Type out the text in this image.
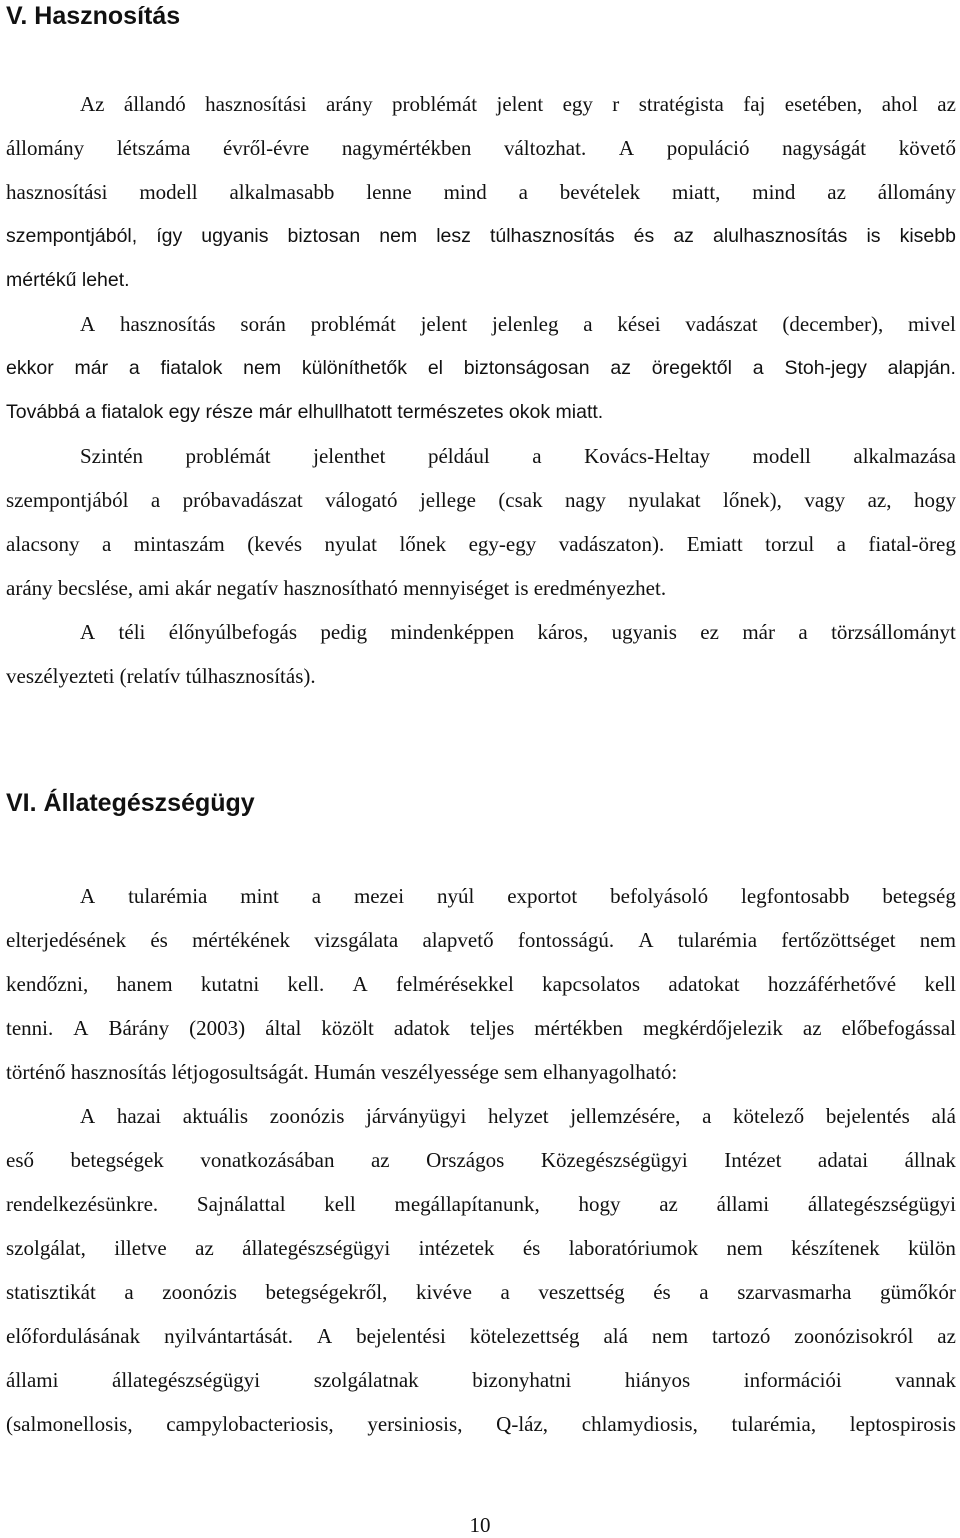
V. Hasznosítás
Az állandó hasznosítási arány problémát jelent egy r stratégista faj esetében, ahol az
állomány létszáma évről-évre nagymértékben változhat. A populáció nagyságát követő
hasznosítási modell alkalmasabb lenne mind a bevételek miatt, mind az állomány
szempontjából, így ugyanis biztosan nem lesz túlhasznosítás és az alulhasznosítás is kisebb
mértékű lehet.
A hasznosítás során problémát jelent jelenleg a kései vadászat (december), mivel
ekkor már a fiatalok nem különíthetők el biztonságosan az öregektől a Stoh-jegy alapján.
Továbbá a fiatalok egy része már elhullhatott természetes okok miatt.
Szintén problémát jelenthet például a Kovács-Heltay modell alkalmazása
szempontjából a próbavadászat válogató jellege (csak nagy nyulakat lőnek), vagy az, hogy
alacsony a mintaszám (kevés nyulat lőnek egy-egy vadászaton). Emiatt torzul a fiatal-öreg
arány becslése, ami akár negatív hasznosítható mennyiséget is eredményezhet.
A téli élőnyúlbefogás pedig mindenképpen káros, ugyanis ez már a törzsállományt
veszélyezteti (relatív túlhasznosítás).
VI. Állategészségügy
A tularémia mint a mezei nyúl exportot befolyásoló legfontosabb betegség
elterjedésének és mértékének vizsgálata alapvető fontosságú. A tularémia fertőzöttséget nem
kendőzni, hanem kutatni kell. A felmérésekkel kapcsolatos adatokat hozzáférhetővé kell
tenni. A Bárány (2003) által közölt adatok teljes mértékben megkérdőjelezik az előbefogással
történő hasznosítás létjogosultságát. Humán veszélyessége sem elhanyagolható:
A hazai aktuális zoonózis járványügyi helyzet jellemzésére, a kötelező bejelentés alá
eső betegségek vonatkozásában az Országos Közegészségügyi Intézet adatai állnak
rendelkezésünkre. Sajnálattal kell megállapítanunk, hogy az állami állategészségügyi
szolgálat, illetve az állategészségügyi intézetek és laboratóriumok nem készítenek külön
statisztikát a zoonózis betegségekről, kivéve a veszettség és a szarvasmarha gümőkór
előfordulásának nyilvántartását. A bejelentési kötelezettség alá nem tartozó zoonózisokról az
állami	állategészségügyi	szolgálatnak	bizonyhatni	hiányos	információi	vannak
(salmonellosis, campylobacteriosis, yersiniosis, Q-láz, chlamydiosis, tularémia, leptospirosis
10
